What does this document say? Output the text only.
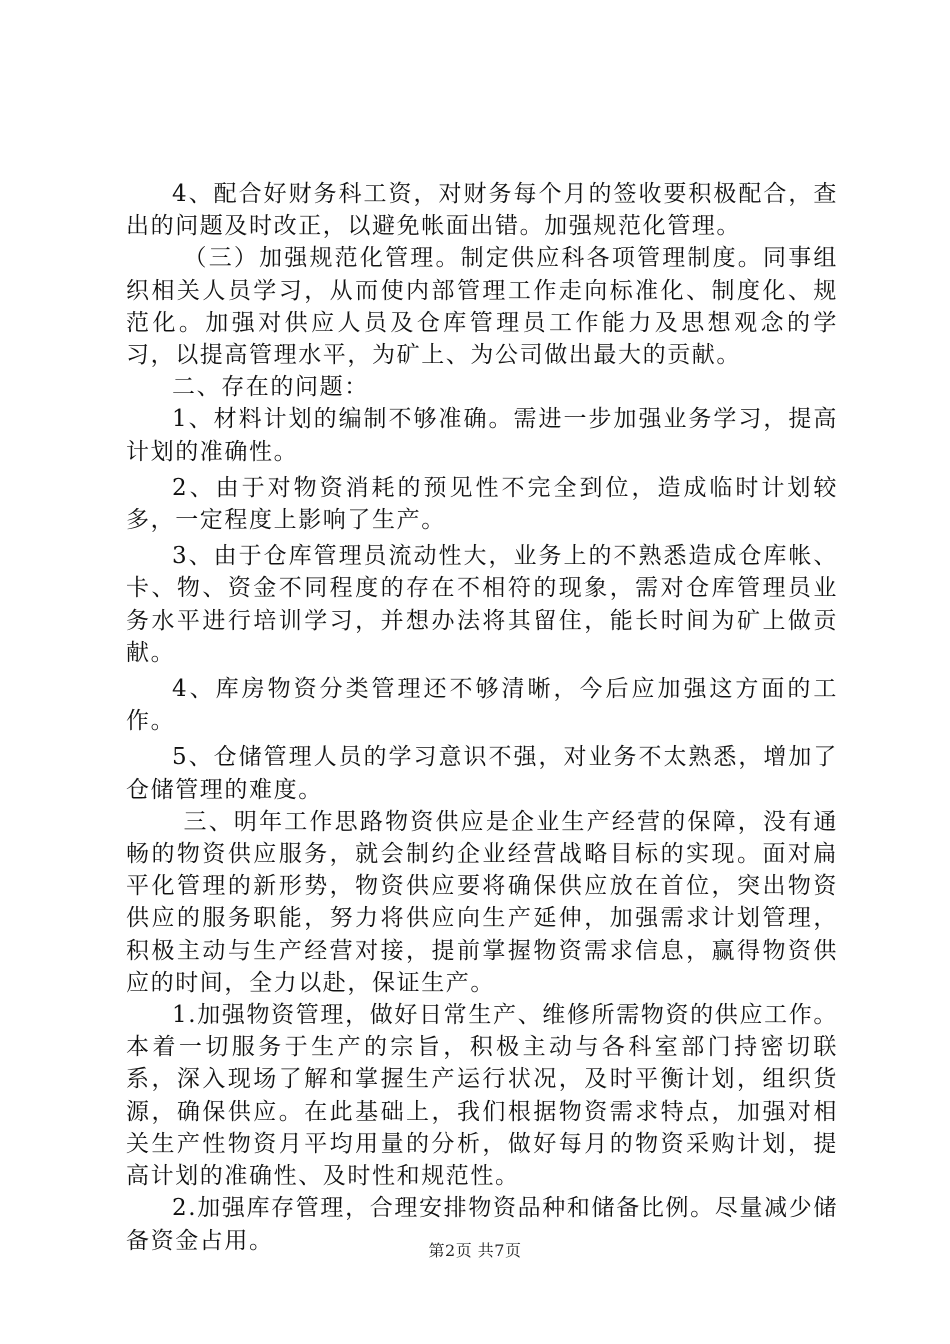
4、配合好财务科工资，对财务每个月的签收要积极配合，查出的问题及时改正，以避免帐面出错。加强规范化管理。

（三）加强规范化管理。制定供应科各项管理制度。同事组织相关人员学习，从而使内部管理工作走向标准化、制度化、规范化。加强对供应人员及仓库管理员工作能力及思想观念的学习，以提高管理水平，为矿上、为公司做出最大的贡献。

二、存在的问题：

1、材料计划的编制不够准确。需进一步加强业务学习，提高计划的准确性。

2、由于对物资消耗的预见性不完全到位，造成临时计划较多，一定程度上影响了生产。

3、由于仓库管理员流动性大，业务上的不熟悉造成仓库帐、卡、物、资金不同程度的存在不相符的现象，需对仓库管理员业务水平进行培训学习，并想办法将其留住，能长时间为矿上做贡献。

4、库房物资分类管理还不够清晰，今后应加强这方面的工作。

5、仓储管理人员的学习意识不强，对业务不太熟悉，增加了仓储管理的难度。

三、明年工作思路物资供应是企业生产经营的保障，没有通畅的物资供应服务，就会制约企业经营战略目标的实现。面对扁平化管理的新形势，物资供应要将确保供应放在首位，突出物资供应的服务职能，努力将供应向生产延伸，加强需求计划管理，积极主动与生产经营对接，提前掌握物资需求信息，赢得物资供应的时间，全力以赴，保证生产。

1.加强物资管理，做好日常生产、维修所需物资的供应工作。本着一切服务于生产的宗旨，积极主动与各科室部门持密切联系，深入现场了解和掌握生产运行状况，及时平衡计划，组织货源，确保供应。在此基础上，我们根据物资需求特点，加强对相关生产性物资月平均用量的分析，做好每月的物资采购计划，提高计划的准确性、及时性和规范性。

2.加强库存管理，合理安排物资品种和储备比例。尽量减少储备资金占用。	第2页 共7页
